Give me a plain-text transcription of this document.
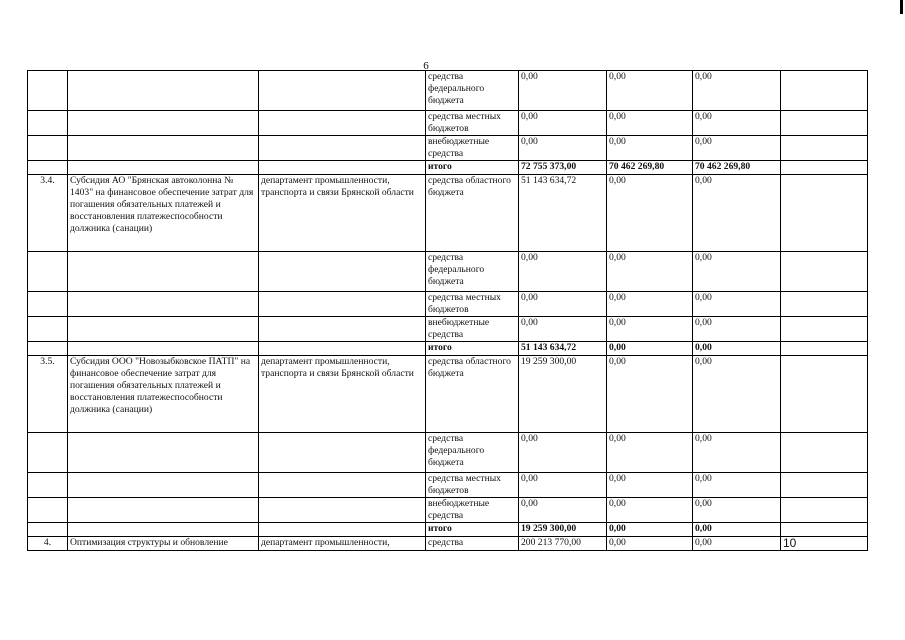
6
			средства федерального бюджета	0,00	0,00	0,00	
			средства местных бюджетов	0,00	0,00	0,00	
			внебюджетные средства	0,00	0,00	0,00	
			итого	72 755 373,00	70 462 269,80	70 462 269,80	
3.4.	Субсидия АО "Брянская автоколонна № 1403" на финансовое обеспечение затрат для погашения обязательных платежей и восстановления платежеспособности должника (санации)	департамент промышленности, транспорта и связи Брянской области	средства областного бюджета	51 143 634,72	0,00	0,00	
			средства федерального бюджета	0,00	0,00	0,00	
			средства местных бюджетов	0,00	0,00	0,00	
			внебюджетные средства	0,00	0,00	0,00	
			итого	51 143 634,72	0,00	0,00	
3.5.	Субсидия ООО "Новозыбковское ПАТП" на финансовое обеспечение затрат для погашения обязательных платежей и восстановления платежеспособности должника (санации)	департамент промышленности, транспорта и связи Брянской области	средства областного бюджета	19 259 300,00	0,00	0,00	
			средства федерального бюджета	0,00	0,00	0,00	
			средства местных бюджетов	0,00	0,00	0,00	
			внебюджетные средства	0,00	0,00	0,00	
			итого	19 259 300,00	0,00	0,00	
4.	Оптимизация структуры и обновление	департамент промышленности,	средства	200 213 770,00	0,00	0,00	10
